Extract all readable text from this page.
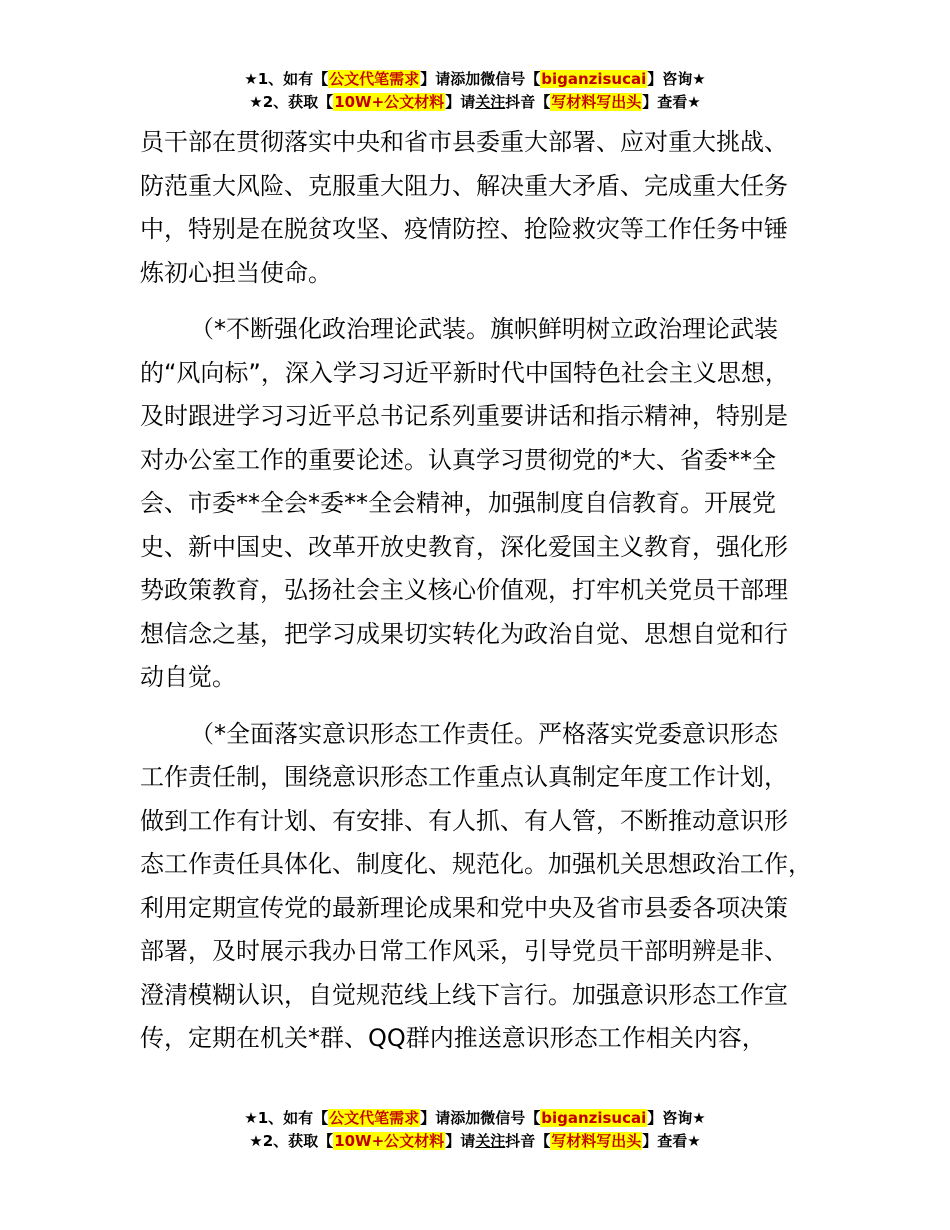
★1、如有【公文代笔需求】请添加微信号【biganzisucai】咨询★
★2、获取【10W+公文材料】请关注抖音【写材料写出头】查看★

员干部在贯彻落实中央和省市县委重大部署、应对重大挑战、
防范重大风险、克服重大阻力、解决重大矛盾、完成重大任务
中，特别是在脱贫攻坚、疫情防控、抢险救灾等工作任务中锤
炼初心担当使命。

（*不断强化政治理论武装。旗帜鲜明树立政治理论武装
的“风向标”，深入学习习近平新时代中国特色社会主义思想，
及时跟进学习习近平总书记系列重要讲话和指示精神，特别是
对办公室工作的重要论述。认真学习贯彻党的*大、省委**全
会、市委**全会*委**全会精神，加强制度自信教育。开展党
史、新中国史、改革开放史教育，深化爱国主义教育，强化形
势政策教育，弘扬社会主义核心价值观，打牢机关党员干部理
想信念之基，把学习成果切实转化为政治自觉、思想自觉和行
动自觉。

（*全面落实意识形态工作责任。严格落实党委意识形态
工作责任制，围绕意识形态工作重点认真制定年度工作计划，
做到工作有计划、有安排、有人抓、有人管，不断推动意识形
态工作责任具体化、制度化、规范化。加强机关思想政治工作，
利用定期宣传党的最新理论成果和党中央及省市县委各项决策
部署，及时展示我办日常工作风采，引导党员干部明辨是非、
澄清模糊认识，自觉规范线上线下言行。加强意识形态工作宣
传，定期在机关*群、QQ群内推送意识形态工作相关内容，

★1、如有【公文代笔需求】请添加微信号【biganzisucai】咨询★
★2、获取【10W+公文材料】请关注抖音【写材料写出头】查看★
